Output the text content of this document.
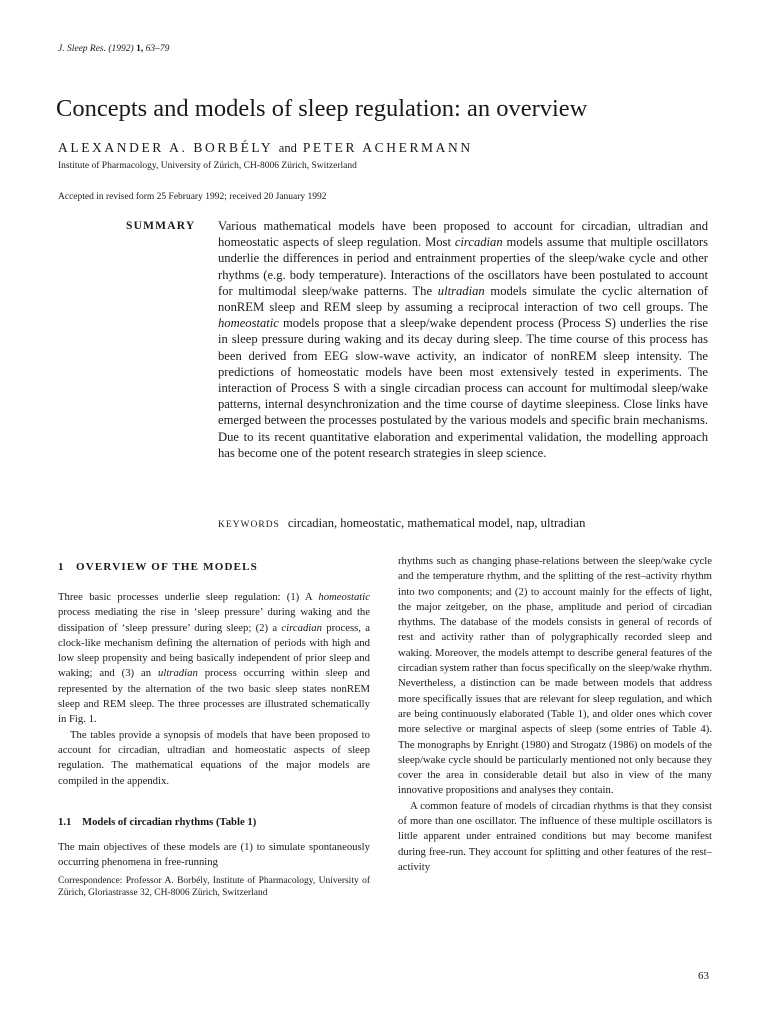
J. Sleep Res. (1992) 1, 63–79
Concepts and models of sleep regulation: an overview
ALEXANDER A. BORBÉLY and PETER ACHERMANN
Institute of Pharmacology, University of Zürich, CH-8006 Zürich, Switzerland
Accepted in revised form 25 February 1992; received 20 January 1992
SUMMARY Various mathematical models have been proposed to account for circadian, ultradian and homeostatic aspects of sleep regulation. Most circadian models assume that multiple oscillators underlie the differences in period and entrainment properties of the sleep/wake cycle and other rhythms (e.g. body temperature). Interactions of the oscillators have been postulated to account for multimodal sleep/wake patterns. The ultradian models simulate the cyclic alternation of nonREM sleep and REM sleep by assuming a reciprocal interaction of two cell groups. The homeostatic models propose that a sleep/wake dependent process (Process S) underlies the rise in sleep pressure during waking and its decay during sleep. The time course of this process has been derived from EEG slow-wave activity, an indicator of nonREM sleep intensity. The predictions of homeostatic models have been most extensively tested in experiments. The interaction of Process S with a single circadian process can account for multimodal sleep/wake patterns, internal desynchronization and the time course of daytime sleepiness. Close links have emerged between the processes postulated by the various models and specific brain mechanisms. Due to its recent quantitative elaboration and experimental validation, the modelling approach has become one of the potent research strategies in sleep science.

KEYWORDS circadian, homeostatic, mathematical model, nap, ultradian
1 OVERVIEW OF THE MODELS

Three basic processes underlie sleep regulation: (1) A homeostatic process mediating the rise in ‘sleep pressure’ during waking and the dissipation of ‘sleep pressure’ during sleep; (2) a circadian process, a clock-like mechanism defining the alternation of periods with high and low sleep propensity and being basically independent of prior sleep and waking; and (3) an ultradian process occurring within sleep and represented by the alternation of the two basic sleep states nonREM sleep and REM sleep. The three processes are illustrated schematically in Fig. 1.

The tables provide a synopsis of models that have been proposed to account for circadian, ultradian and homeostatic aspects of sleep regulation. The mathematical equations of the major models are compiled in the appendix.

1.1 Models of circadian rhythms (Table 1)

The main objectives of these models are (1) to simulate spontaneously occurring phenomena in free-running

Correspondence: Professor A. Borbély, Institute of Pharmacology, University of Zürich, Gloriastrasse 32, CH-8006 Zürich, Switzerland

rhythms such as changing phase-relations between the sleep/wake cycle and the temperature rhythm, and the splitting of the rest–activity rhythm into two components; and (2) to account mainly for the effects of light, the major zeitgeber, on the phase, amplitude and period of circadian rhythms. The database of the models consists in general of records of rest and activity rather than of polygraphically recorded sleep and waking. Moreover, the models attempt to describe general features of the circadian system rather than focus specifically on the sleep/wake rhythm. Nevertheless, a distinction can be made between models that address more specifically issues that are relevant for sleep regulation, and which are being continuously elaborated (Table 1), and older ones which cover more selective or marginal aspects of sleep (some entries of Table 4). The monographs by Enright (1980) and Strogatz (1986) on models of the sleep/wake cycle should be particularly mentioned not only because they cover the area in considerable detail but also in view of the many innovative propositions and analyses they contain.

A common feature of models of circadian rhythms is that they consist of more than one oscillator. The influence of these multiple oscillators is little apparent under entrained conditions but may become manifest during free-run. They account for splitting and other features of the rest–activity

63
